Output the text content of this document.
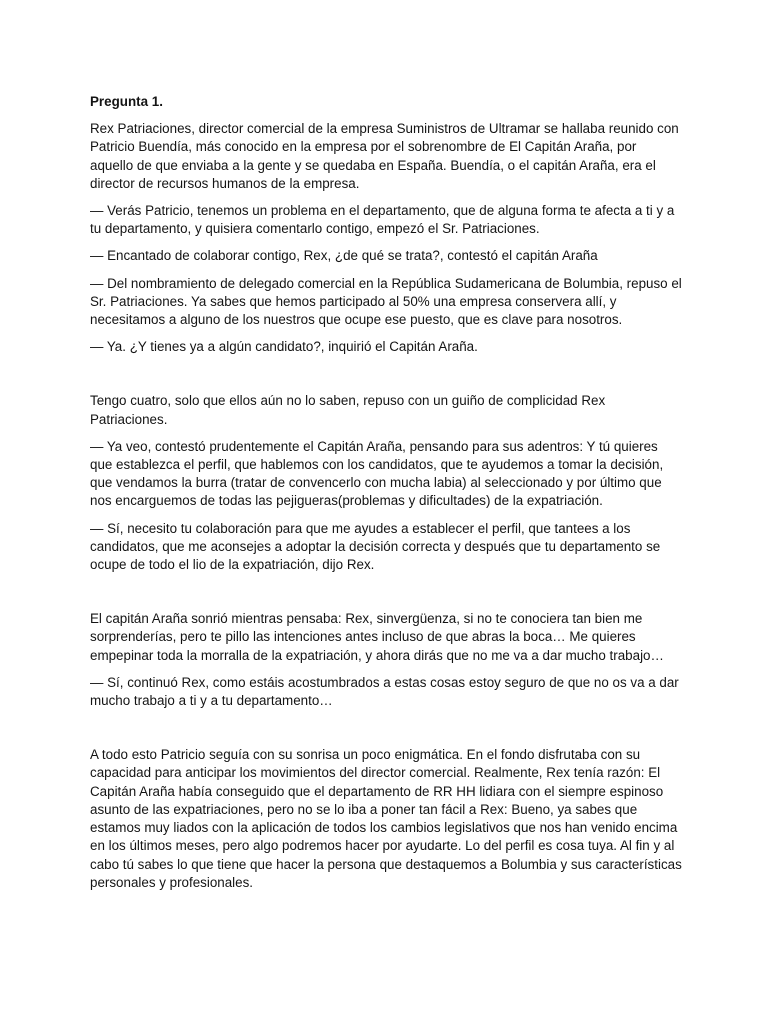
Pregunta 1.

Rex Patriaciones, director comercial de la empresa Suministros de Ultramar se hallaba reunido con Patricio Buendía, más conocido en la empresa por el sobrenombre de El Capitán Araña, por aquello de que enviaba a la gente y se quedaba en España. Buendía, o el capitán Araña, era el director de recursos humanos de la empresa.

— Verás Patricio, tenemos un problema en el departamento, que de alguna forma te afecta a ti y a tu departamento, y quisiera comentarlo contigo, empezó el Sr. Patriaciones.

— Encantado de colaborar contigo, Rex, ¿de qué se trata?, contestó el capitán Araña

— Del nombramiento de delegado comercial en la República Sudamericana de Bolumbia, repuso el Sr. Patriaciones. Ya sabes que hemos participado al 50% una empresa conservera allí, y necesitamos a alguno de los nuestros que ocupe ese puesto, que es clave para nosotros.

— Ya. ¿Y tienes ya a algún candidato?, inquirió el Capitán Araña.

Tengo cuatro, solo que ellos aún no lo saben, repuso con un guiño de complicidad Rex Patriaciones.

— Ya veo, contestó prudentemente el Capitán Araña, pensando para sus adentros: Y tú quieres que establezca el perfil, que hablemos con los candidatos, que te ayudemos a tomar la decisión, que vendamos la burra (tratar de convencerlo con mucha labia) al seleccionado y por último que nos encarguemos de todas las pejigueras(problemas y dificultades) de la expatriación.

— Sí, necesito tu colaboración para que me ayudes a establecer el perfil, que tantees a los candidatos, que me aconsejes a adoptar la decisión correcta y después que tu departamento se ocupe de todo el lio de la expatriación, dijo Rex.

El capitán Araña sonrió mientras pensaba: Rex, sinvergüenza, si no te conociera tan bien me sorprenderías, pero te pillo las intenciones antes incluso de que abras la boca… Me quieres empepinar toda la morralla de la expatriación, y ahora dirás que no me va a dar mucho trabajo…

— Sí, continuó Rex, como estáis acostumbrados a estas cosas estoy seguro de que no os va a dar mucho trabajo a ti y a tu departamento…

A todo esto Patricio seguía con su sonrisa un poco enigmática. En el fondo disfrutaba con su capacidad para anticipar los movimientos del director comercial. Realmente, Rex tenía razón: El Capitán Araña había conseguido que el departamento de RR HH lidiara con el siempre espinoso asunto de las expatriaciones, pero no se lo iba a poner tan fácil a Rex: Bueno, ya sabes que estamos muy liados con la aplicación de todos los cambios legislativos que nos han venido encima en los últimos meses, pero algo podremos hacer por ayudarte. Lo del perfil es cosa tuya. Al fin y al cabo tú sabes lo que tiene que hacer la persona que destaquemos a Bolumbia y sus características personales y profesionales.
